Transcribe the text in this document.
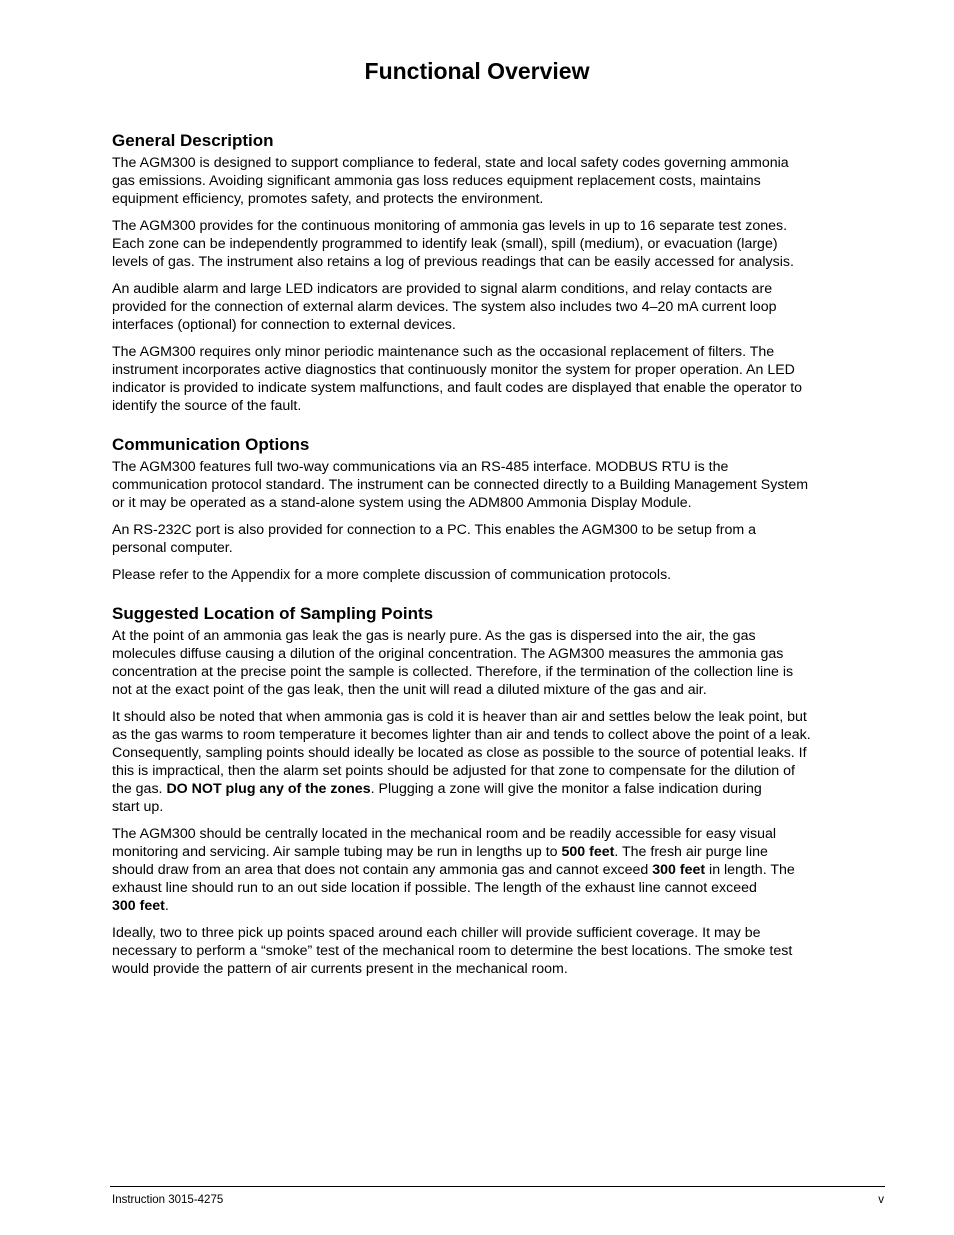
Functional Overview
General Description

The AGM300 is designed to support compliance to federal, state and local safety codes governing ammonia
gas emissions. Avoiding significant ammonia gas loss reduces equipment replacement costs, maintains
equipment efficiency, promotes safety, and protects the environment.

The AGM300 provides for the continuous monitoring of ammonia gas levels in up to 16 separate test zones.
Each zone can be independently programmed to identify leak (small), spill (medium), or evacuation (large)
levels of gas. The instrument also retains a log of previous readings that can be easily accessed for analysis.

An audible alarm and large LED indicators are provided to signal alarm conditions, and relay contacts are
provided for the connection of external alarm devices. The system also includes two 4–20 mA current loop
interfaces (optional) for connection to external devices.

The AGM300 requires only minor periodic maintenance such as the occasional replacement of filters. The
instrument incorporates active diagnostics that continuously monitor the system for proper operation. An LED
indicator is provided to indicate system malfunctions, and fault codes are displayed that enable the operator to
identify the source of the fault.

Communication Options

The AGM300 features full two-way communications via an RS-485 interface. MODBUS RTU is the
communication protocol standard. The instrument can be connected directly to a Building Management System
or it may be operated as a stand-alone system using the ADM800 Ammonia Display Module.

An RS-232C port is also provided for connection to a PC. This enables the AGM300 to be setup from a
personal computer.

Please refer to the Appendix for a more complete discussion of communication protocols.

Suggested Location of Sampling Points

At the point of an ammonia gas leak the gas is nearly pure. As the gas is dispersed into the air, the gas
molecules diffuse causing a dilution of the original concentration. The AGM300 measures the ammonia gas
concentration at the precise point the sample is collected. Therefore, if the termination of the collection line is
not at the exact point of the gas leak, then the unit will read a diluted mixture of the gas and air.

It should also be noted that when ammonia gas is cold it is heaver than air and settles below the leak point, but
as the gas warms to room temperature it becomes lighter than air and tends to collect above the point of a leak.
Consequently, sampling points should ideally be located as close as possible to the source of potential leaks. If
this is impractical, then the alarm set points should be adjusted for that zone to compensate for the dilution of
the gas. DO NOT plug any of the zones. Plugging a zone will give the monitor a false indication during
start up.

The AGM300 should be centrally located in the mechanical room and be readily accessible for easy visual
monitoring and servicing. Air sample tubing may be run in lengths up to 500 feet. The fresh air purge line
should draw from an area that does not contain any ammonia gas and cannot exceed 300 feet in length. The
exhaust line should run to an out side location if possible. The length of the exhaust line cannot exceed
300 feet.

Ideally, two to three pick up points spaced around each chiller will provide sufficient coverage. It may be
necessary to perform a “smoke” test of the mechanical room to determine the best locations. The smoke test
would provide the pattern of air currents present in the mechanical room.

Instruction 3015-4275	v
